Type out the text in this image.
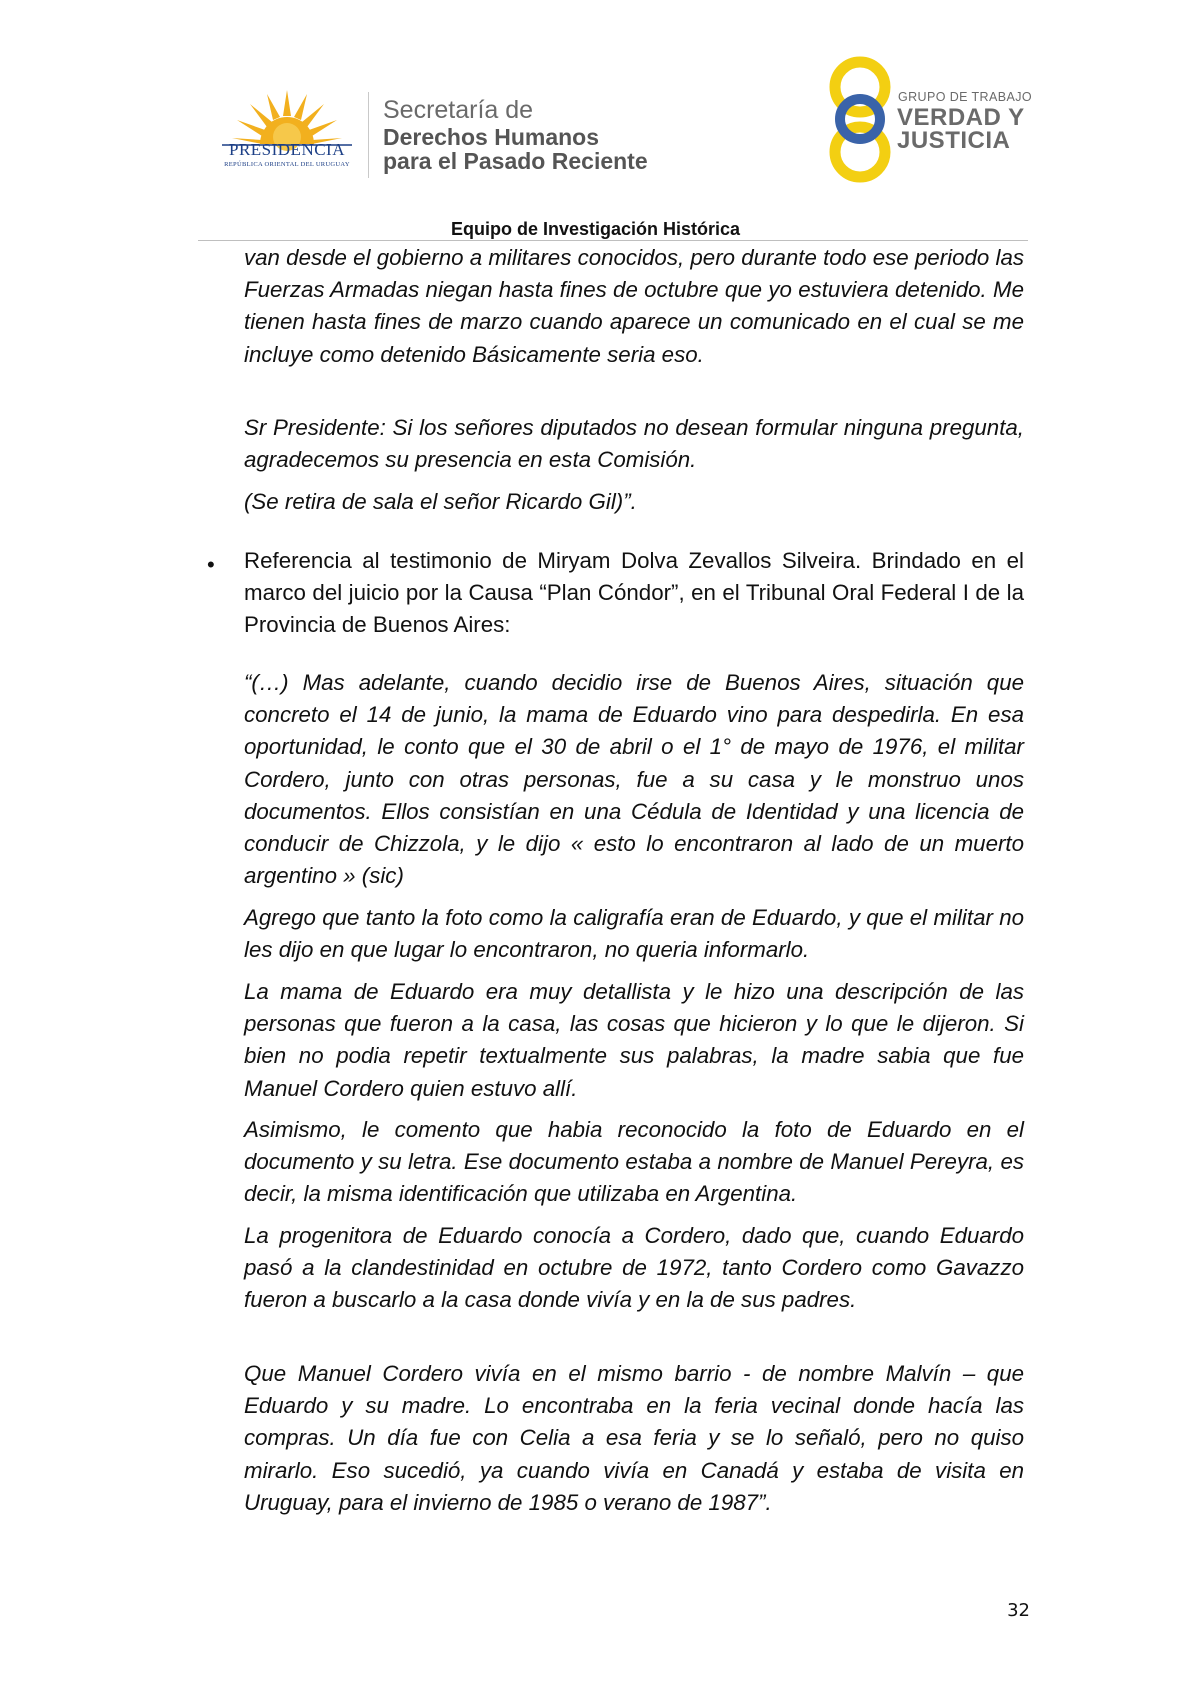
PRESIDENCIA
REPÚBLICA ORIENTAL DEL URUGUAY
Secretaría de
Derechos Humanos
para el Pasado Reciente
GRUPO DE TRABAJO
VERDAD Y
JUSTICIA
Equipo de Investigación Histórica

van desde el gobierno a militares conocidos, pero durante todo ese periodo las Fuerzas Armadas niegan hasta fines de octubre que yo estuviera detenido. Me tienen hasta fines de marzo cuando aparece un comunicado en el cual se me incluye como detenido Básicamente seria eso.

Sr Presidente: Si los señores diputados no desean formular ninguna pregunta, agradecemos su presencia en esta Comisión.

(Se retira de sala el señor Ricardo Gil)”.

• Referencia al testimonio de Miryam Dolva Zevallos Silveira. Brindado en el marco del juicio por la Causa “Plan Cóndor”, en el Tribunal Oral Federal I de la Provincia de Buenos Aires:

“(…) Mas adelante, cuando decidio irse de Buenos Aires, situación que concreto el 14 de junio, la mama de Eduardo vino para despedirla. En esa oportunidad, le conto que el 30 de abril o el 1° de mayo de 1976, el militar Cordero, junto con otras personas, fue a su casa y le monstruo unos documentos. Ellos consistían en una Cédula de Identidad y una licencia de conducir de Chizzola, y le dijo « esto lo encontraron al lado de un muerto argentino » (sic)

Agrego que tanto la foto como la caligrafía eran de Eduardo, y que el militar no les dijo en que lugar lo encontraron, no queria informarlo.

La mama de Eduardo era muy detallista y le hizo una descripción de las personas que fueron a la casa, las cosas que hicieron y lo que le dijeron. Si bien no podia repetir textualmente sus palabras, la madre sabia que fue Manuel Cordero quien estuvo allí.

Asimismo, le comento que habia reconocido la foto de Eduardo en el documento y su letra. Ese documento estaba a nombre de Manuel Pereyra, es decir, la misma identificación que utilizaba en Argentina.

La progenitora de Eduardo conocía a Cordero, dado que, cuando Eduardo pasó a la clandestinidad en octubre de 1972, tanto Cordero como Gavazzo fueron a buscarlo a la casa donde vivía y en la de sus padres.

Que Manuel Cordero vivía en el mismo barrio - de nombre Malvín – que Eduardo y su madre. Lo encontraba en la feria vecinal donde hacía las compras. Un día fue con Celia a esa feria y se lo señaló, pero no quiso mirarlo. Eso sucedió, ya cuando vivía en Canadá y estaba de visita en Uruguay, para el invierno de 1985 o verano de 1987”.

32
